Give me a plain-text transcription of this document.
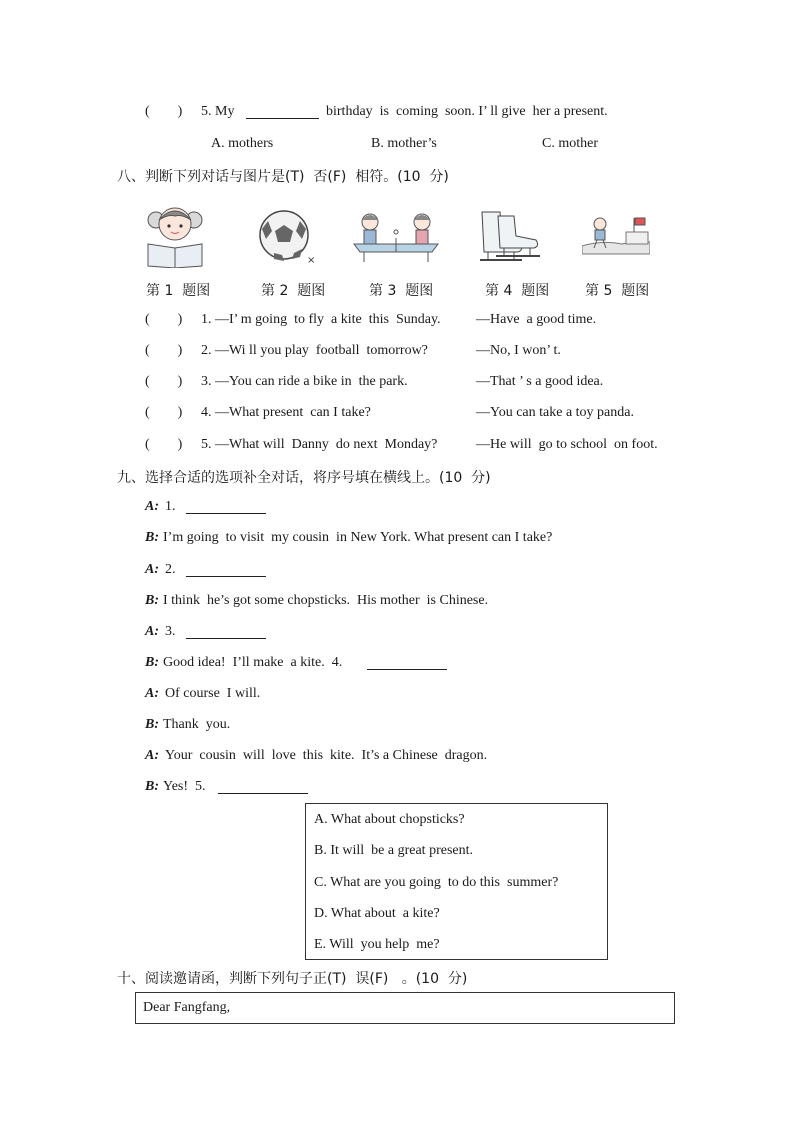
(        ) 5. My	birthday  is  coming  soon. I’ ll give  her a present.
A. mothers	B. mother’s	C. mother
八、判断下列对话与图片是(T)  否(F)  相符。(10  分)
×
第 1  题图	第 2  题图	第 3  题图	第 4  题图	第 5  题图
(        ) 1. —I’ m going  to fly  a kite  this  Sunday.	—Have  a good time.
(        ) 2. —Wi ll you play  football  tomorrow?	—No, I won’ t.
(        ) 3. —You can ride a bike in  the park.	—That ’ s a good idea.
(        ) 4. —What present  can I take?	—You can take a toy panda.
(        ) 5. —What will  Danny  do next  Monday?	—He will  go to school  on foot.
九、选择合适的选项补全对话，将序号填在横线上。(10  分)
A: 1.
B: I’m going  to visit  my cousin  in New York. What present can I take?
A: 2.
B: I think  he’s got some chopsticks.  His mother  is Chinese.
A: 3.
B: Good idea!  I’ll make  a kite.  4.
A: Of course  I will.
B: Thank  you.
A: Your  cousin  will  love  this  kite.  It’s a Chinese  dragon.
B: Yes!  5.
A. What about chopsticks?
B. It will  be a great present.
C. What are you going  to do this  summer?
D. What about  a kite?
E. Will  you help  me?
十、阅读邀请函，判断下列句子正(T)  误(F)   。(10  分)
Dear Fangfang,
